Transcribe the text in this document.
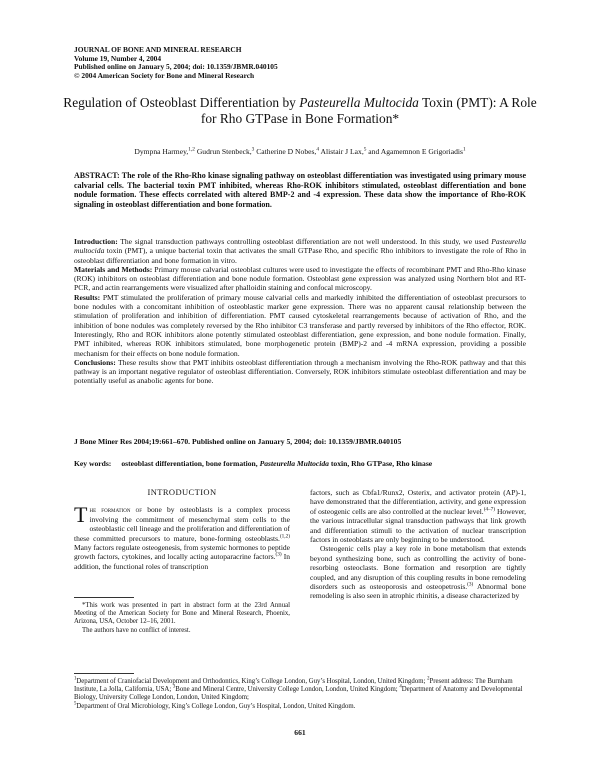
JOURNAL OF BONE AND MINERAL RESEARCH
Volume 19, Number 4, 2004
Published online on January 5, 2004; doi: 10.1359/JBMR.040105
© 2004 American Society for Bone and Mineral Research
Regulation of Osteoblast Differentiation by Pasteurella Multocida Toxin (PMT): A Role for Rho GTPase in Bone Formation*
Dympna Harmey,$^{1,2}$ Gudrun Stenbeck,$^3$ Catherine D Nobes,$^4$ Alistair J Lax,$^5$ and Agamemnon E Grigoriadis$^1$
ABSTRACT: The role of the Rho-Rho kinase signaling pathway on osteoblast differentiation was investigated using primary mouse calvarial cells. The bacterial toxin PMT inhibited, whereas Rho-ROK inhibitors stimulated, osteoblast differentiation and bone nodule formation. These effects correlated with altered BMP-2 and -4 expression. These data show the importance of Rho-ROK signaling in osteoblast differentiation and bone formation.

Introduction: The signal transduction pathways controlling osteoblast differentiation are not well understood. In this study, we used Pasteurella multocida toxin (PMT), a unique bacterial toxin that activates the small GTPase Rho, and specific Rho inhibitors to investigate the role of Rho in osteoblast differentiation and bone formation in vitro.

Materials and Methods: Primary mouse calvarial osteoblast cultures were used to investigate the effects of recombinant PMT and Rho-Rho kinase (ROK) inhibitors on osteoblast differentiation and bone nodule formation. Osteoblast gene expression was analyzed using Northern blot and RT-PCR, and actin rearrangements were visualized after phalloidin staining and confocal microscopy.

Results: PMT stimulated the proliferation of primary mouse calvarial cells and markedly inhibited the differentiation of osteoblast precursors to bone nodules with a concomitant inhibition of osteoblastic marker gene expression. There was no apparent causal relationship between the stimulation of proliferation and inhibition of differentiation. PMT caused cytoskeletal rearrangements because of activation of Rho, and the inhibition of bone nodules was completely reversed by the Rho inhibitor C3 transferase and partly reversed by inhibitors of the Rho effector, ROK. Interestingly, Rho and ROK inhibitors alone potently stimulated osteoblast differentiation, gene expression, and bone nodule formation. Finally, PMT inhibited, whereas ROK inhibitors stimulated, bone morphogenetic protein (BMP)-2 and -4 mRNA expression, providing a possible mechanism for their effects on bone nodule formation.

Conclusions: These results show that PMT inhibits osteoblast differentiation through a mechanism involving the Rho-ROK pathway and that this pathway is an important negative regulator of osteoblast differentiation. Conversely, ROK inhibitors stimulate osteoblast differentiation and may be potentially useful as anabolic agents for bone.

J Bone Miner Res 2004;19:661–670. Published online on January 5, 2004; doi: 10.1359/JBMR.040105
Key words: osteoblast differentiation, bone formation, Pasteurella Multocida toxin, Rho GTPase, Rho kinase
INTRODUCTION

The formation of bone by osteoblasts is a complex process involving the commitment of mesenchymal stem cells to the osteoblastic cell lineage and the proliferation and differentiation of these committed precursors to mature, bone-forming osteoblasts.$^{(1,2)}$ Many factors regulate osteogenesis, from systemic hormones to peptide growth factors, cytokines, and locally acting autoparacrine factors.$^{(3)}$ In addition, the functional roles of transcription

*This work was presented in part in abstract form at the 23rd Annual Meeting of the American Society for Bone and Mineral Research, Phoenix, Arizona, USA, October 12–16, 2001.

The authors have no conflict of interest.

factors, such as Cbfa1/Runx2, Osterix, and activator protein (AP)-1, have demonstrated that the differentiation, activity, and gene expression of osteogenic cells are also controlled at the nuclear level.$^{(4-7)}$ However, the various intracellular signal transduction pathways that link growth and differentiation stimuli to the activation of nuclear transcription factors in osteoblasts are only beginning to be understood.

Osteogenic cells play a key role in bone metabolism that extends beyond synthesizing bone, such as controlling the activity of bone-resorbing osteoclasts. Bone formation and resorption are tightly coupled, and any disruption of this coupling results in bone remodeling disorders such as osteoporosis and osteopetrosis.$^{(3)}$ Abnormal bone remodeling is also seen in atrophic rhinitis, a disease characterized by

$^1$Department of Craniofacial Development and Orthodontics, King’s College London, Guy’s Hospital, London, United Kingdom; $^2$Present address: The Burnham Institute, La Jolla, California, USA; $^3$Bone and Mineral Centre, University College London, London, United Kingdom; $^4$Department of Anatomy and Developmental Biology, University College London, London, United Kingdom;

$^5$Department of Oral Microbiology, King’s College London, Guy’s Hospital, London, United Kingdom.

661
